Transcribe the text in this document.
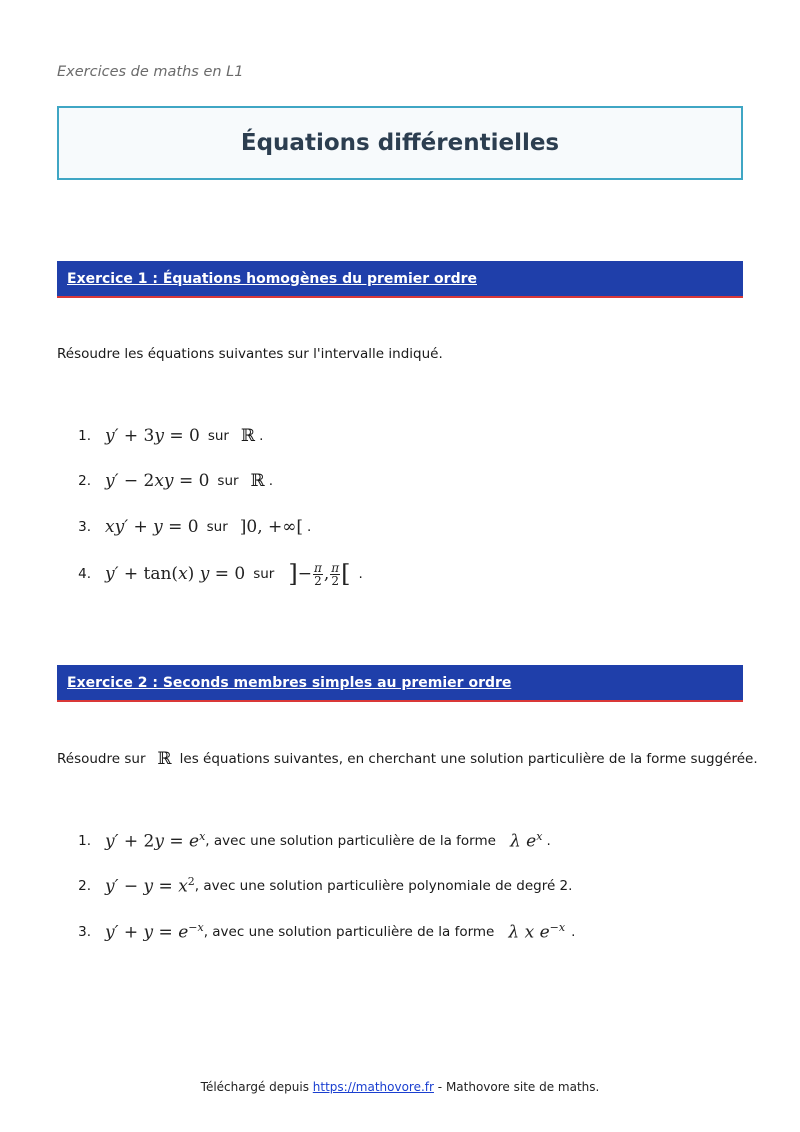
Exercices de maths en L1
Équations différentielles
Exercice 1 : Équations homogènes du premier ordre
Résoudre les équations suivantes sur l'intervalle indiqué.
1. y′ + 3y = 0 sur ℝ .
2. y′ − 2xy = 0 sur ℝ .
3. xy′ + y = 0 sur ]0, +∞[ .
4. y′ + tan(x) y = 0 sur ] − $\frac{\pi}{2}$ , $\frac{\pi}{2}$ [ .
Exercice 2 : Seconds membres simples au premier ordre
Résoudre sur ℝ les équations suivantes, en cherchant une solution particulière de la forme suggérée.
1. $y' + 2y = e^x$ , avec une solution particulière de la forme λ $e^x$ .
2. $y' - y = x^2$ , avec une solution particulière polynomiale de degré 2.
3. $y' + y = e^{-x}$ , avec une solution particulière de la forme λ x $e^{-x}$ .
Téléchargé depuis https://mathovore.fr - Mathovore site de maths.
